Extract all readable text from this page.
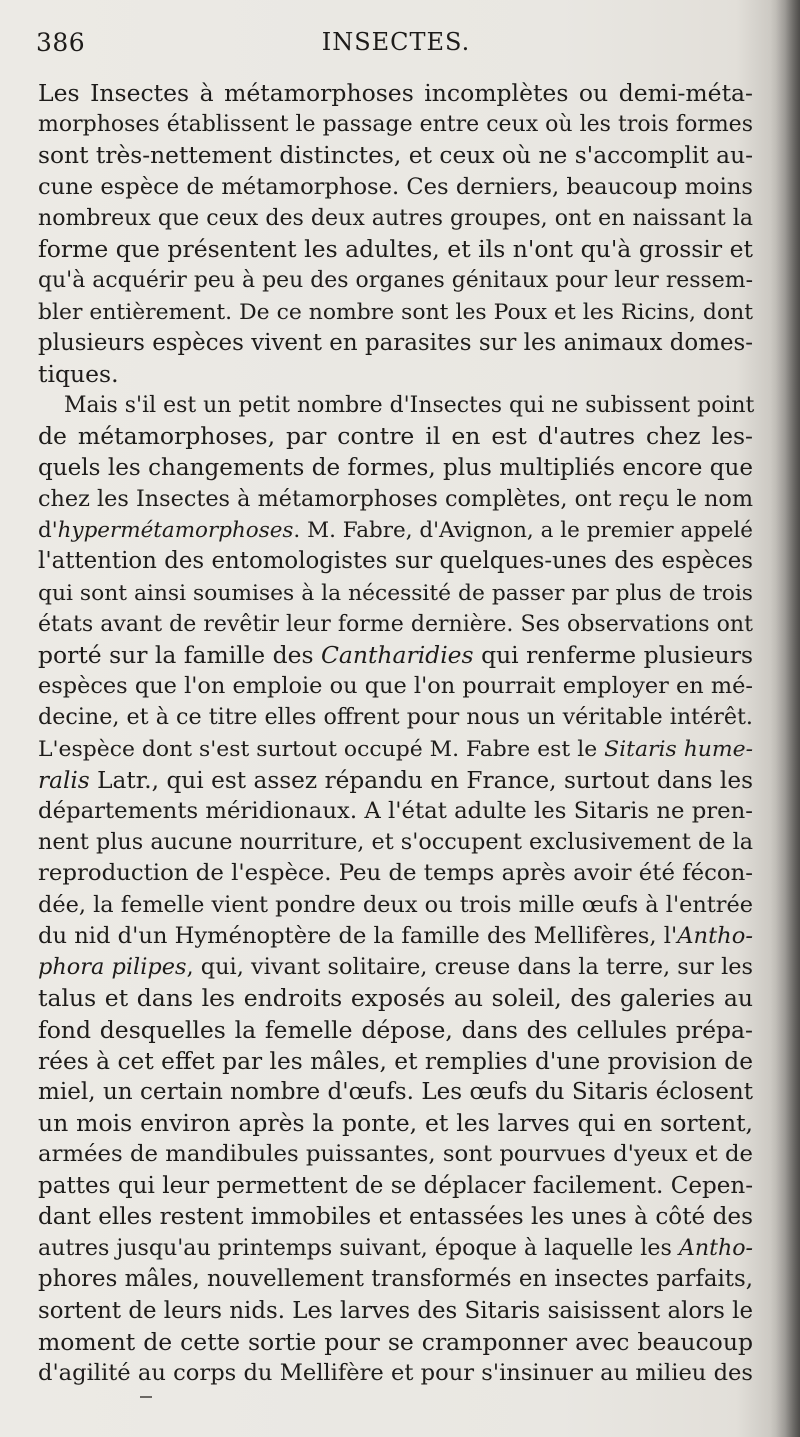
386	INSECTES.
Les Insectes à métamorphoses incomplètes ou demi-méta-
morphoses établissent le passage entre ceux où les trois formes
sont très-nettement distinctes, et ceux où ne s'accomplit au-
cune espèce de métamorphose. Ces derniers, beaucoup moins
nombreux que ceux des deux autres groupes, ont en naissant la
forme que présentent les adultes, et ils n'ont qu'à grossir et
qu'à acquérir peu à peu des organes génitaux pour leur ressem-
bler entièrement. De ce nombre sont les Poux et les Ricins, dont
plusieurs espèces vivent en parasites sur les animaux domes-
tiques.
Mais s'il est un petit nombre d'Insectes qui ne subissent point
de métamorphoses, par contre il en est d'autres chez les-
quels les changements de formes, plus multipliés encore que
chez les Insectes à métamorphoses complètes, ont reçu le nom
d'hypermétamorphoses. M. Fabre, d'Avignon, a le premier appelé
l'attention des entomologistes sur quelques-unes des espèces
qui sont ainsi soumises à la nécessité de passer par plus de trois
états avant de revêtir leur forme dernière. Ses observations ont
porté sur la famille des Cantharidies qui renferme plusieurs
espèces que l'on emploie ou que l'on pourrait employer en mé-
decine, et à ce titre elles offrent pour nous un véritable intérêt.
L'espèce dont s'est surtout occupé M. Fabre est le Sitaris hume-
ralis Latr., qui est assez répandu en France, surtout dans les
départements méridionaux. A l'état adulte les Sitaris ne pren-
nent plus aucune nourriture, et s'occupent exclusivement de la
reproduction de l'espèce. Peu de temps après avoir été fécon-
dée, la femelle vient pondre deux ou trois mille œufs à l'entrée
du nid d'un Hyménoptère de la famille des Mellifères, l'Antho-
phora pilipes, qui, vivant solitaire, creuse dans la terre, sur les
talus et dans les endroits exposés au soleil, des galeries au
fond desquelles la femelle dépose, dans des cellules prépa-
rées à cet effet par les mâles, et remplies d'une provision de
miel, un certain nombre d'œufs. Les œufs du Sitaris éclosent
un mois environ après la ponte, et les larves qui en sortent,
armées de mandibules puissantes, sont pourvues d'yeux et de
pattes qui leur permettent de se déplacer facilement. Cepen-
dant elles restent immobiles et entassées les unes à côté des
autres jusqu'au printemps suivant, époque à laquelle les Antho-
phores mâles, nouvellement transformés en insectes parfaits,
sortent de leurs nids. Les larves des Sitaris saisissent alors le
moment de cette sortie pour se cramponner avec beaucoup
d'agilité au corps du Mellifère et pour s'insinuer au milieu des
